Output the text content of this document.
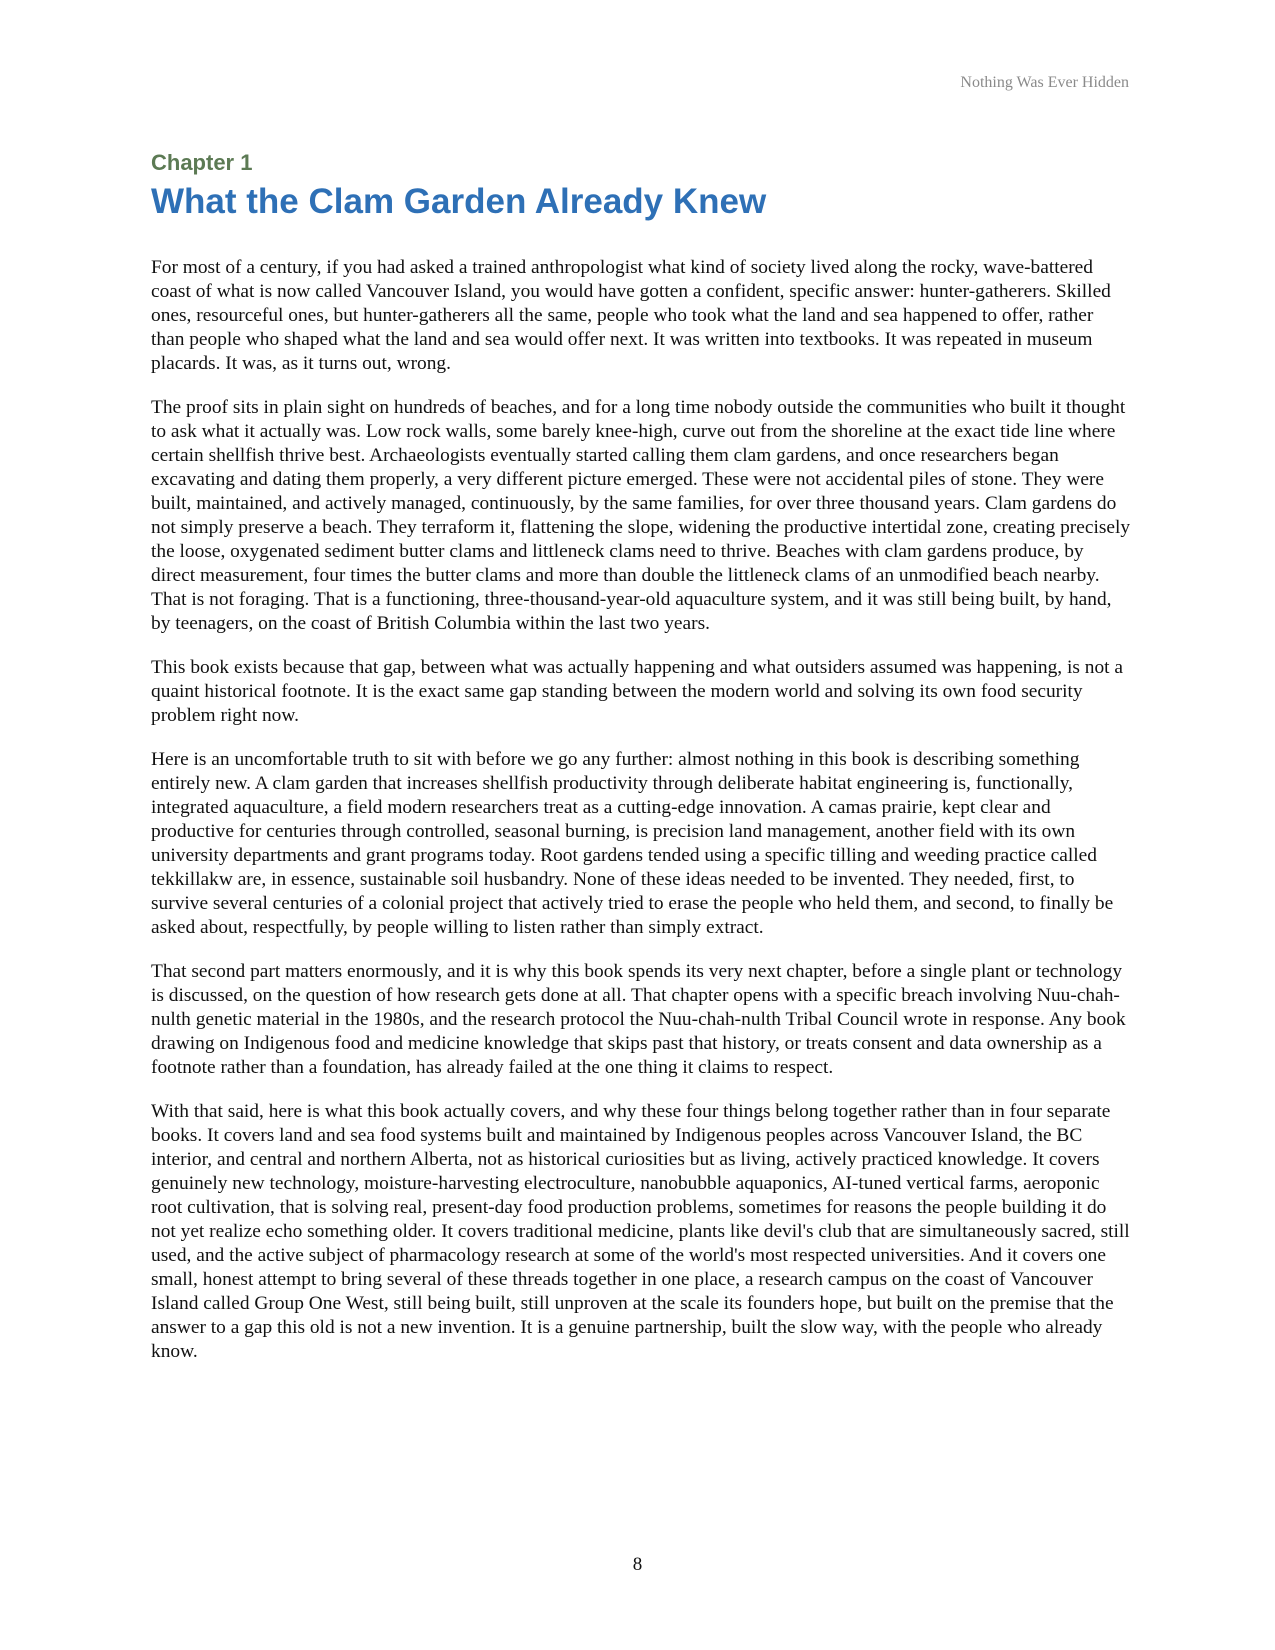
Nothing Was Ever Hidden

Chapter 1
What the Clam Garden Already Knew

For most of a century, if you had asked a trained anthropologist what kind of society lived along the rocky, wave-battered coast of what is now called Vancouver Island, you would have gotten a confident, specific answer: hunter-gatherers. Skilled ones, resourceful ones, but hunter-gatherers all the same, people who took what the land and sea happened to offer, rather than people who shaped what the land and sea would offer next. It was written into textbooks. It was repeated in museum placards. It was, as it turns out, wrong.

The proof sits in plain sight on hundreds of beaches, and for a long time nobody outside the communities who built it thought to ask what it actually was. Low rock walls, some barely knee-high, curve out from the shoreline at the exact tide line where certain shellfish thrive best. Archaeologists eventually started calling them clam gardens, and once researchers began excavating and dating them properly, a very different picture emerged. These were not accidental piles of stone. They were built, maintained, and actively managed, continuously, by the same families, for over three thousand years. Clam gardens do not simply preserve a beach. They terraform it, flattening the slope, widening the productive intertidal zone, creating precisely the loose, oxygenated sediment butter clams and littleneck clams need to thrive. Beaches with clam gardens produce, by direct measurement, four times the butter clams and more than double the littleneck clams of an unmodified beach nearby. That is not foraging. That is a functioning, three-thousand-year-old aquaculture system, and it was still being built, by hand, by teenagers, on the coast of British Columbia within the last two years.

This book exists because that gap, between what was actually happening and what outsiders assumed was happening, is not a quaint historical footnote. It is the exact same gap standing between the modern world and solving its own food security problem right now.

Here is an uncomfortable truth to sit with before we go any further: almost nothing in this book is describing something entirely new. A clam garden that increases shellfish productivity through deliberate habitat engineering is, functionally, integrated aquaculture, a field modern researchers treat as a cutting-edge innovation. A camas prairie, kept clear and productive for centuries through controlled, seasonal burning, is precision land management, another field with its own university departments and grant programs today. Root gardens tended using a specific tilling and weeding practice called tekkillakw are, in essence, sustainable soil husbandry. None of these ideas needed to be invented. They needed, first, to survive several centuries of a colonial project that actively tried to erase the people who held them, and second, to finally be asked about, respectfully, by people willing to listen rather than simply extract.

That second part matters enormously, and it is why this book spends its very next chapter, before a single plant or technology is discussed, on the question of how research gets done at all. That chapter opens with a specific breach involving Nuu-chah-nulth genetic material in the 1980s, and the research protocol the Nuu-chah-nulth Tribal Council wrote in response. Any book drawing on Indigenous food and medicine knowledge that skips past that history, or treats consent and data ownership as a footnote rather than a foundation, has already failed at the one thing it claims to respect.

With that said, here is what this book actually covers, and why these four things belong together rather than in four separate books. It covers land and sea food systems built and maintained by Indigenous peoples across Vancouver Island, the BC interior, and central and northern Alberta, not as historical curiosities but as living, actively practiced knowledge. It covers genuinely new technology, moisture-harvesting electroculture, nanobubble aquaponics, AI-tuned vertical farms, aeroponic root cultivation, that is solving real, present-day food production problems, sometimes for reasons the people building it do not yet realize echo something older. It covers traditional medicine, plants like devil's club that are simultaneously sacred, still used, and the active subject of pharmacology research at some of the world's most respected universities. And it covers one small, honest attempt to bring several of these threads together in one place, a research campus on the coast of Vancouver Island called Group One West, still being built, still unproven at the scale its founders hope, but built on the premise that the answer to a gap this old is not a new invention. It is a genuine partnership, built the slow way, with the people who already know.

8
